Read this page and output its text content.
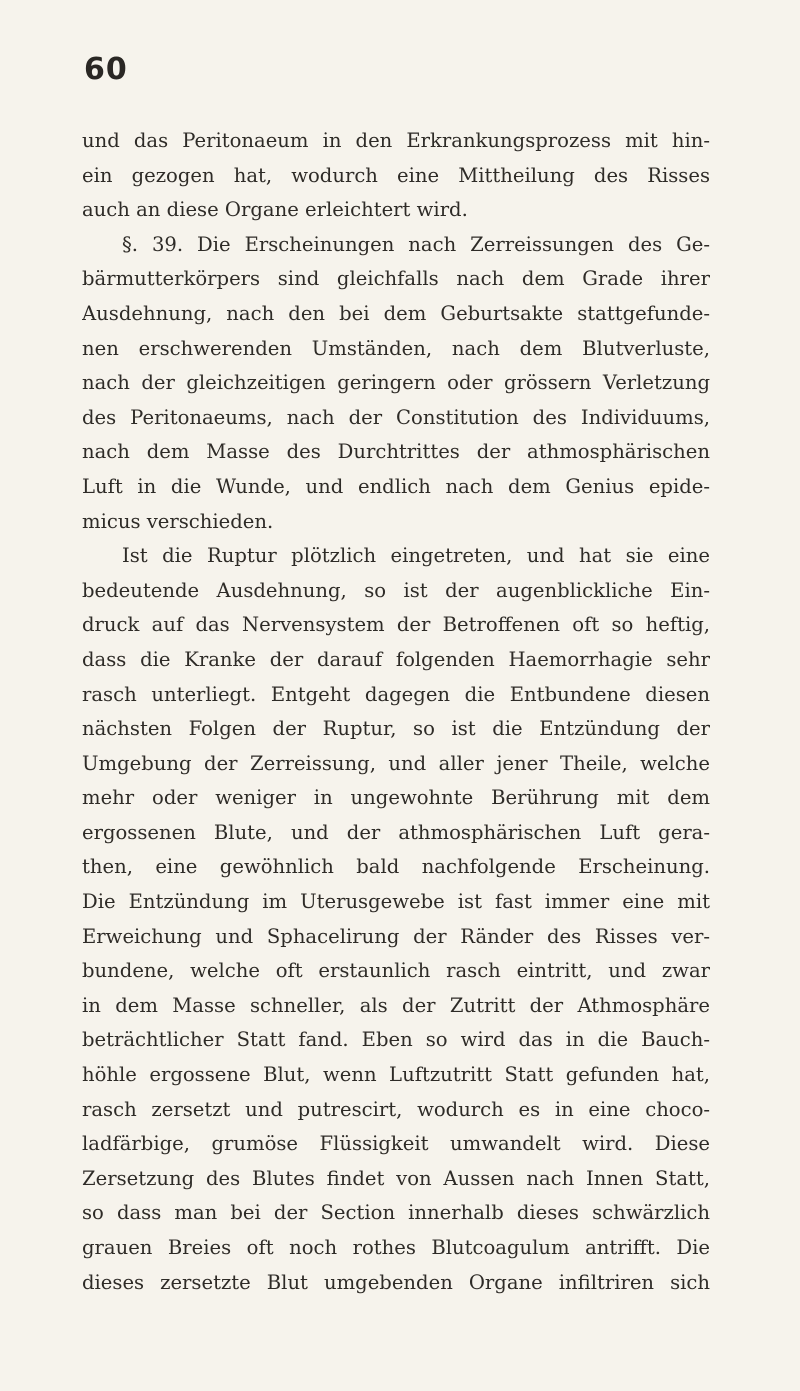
60
und das Peritonaeum in den Erkrankungsprozess mit hin-
ein gezogen hat, wodurch eine Mittheilung des Risses
auch an diese Organe erleichtert wird.
§. 39. Die Erscheinungen nach Zerreissungen des Ge-
bärmutterkörpers sind gleichfalls nach dem Grade ihrer
Ausdehnung, nach den bei dem Geburtsakte stattgefunde-
nen erschwerenden Umständen, nach dem Blutverluste,
nach der gleichzeitigen geringern oder grössern Verletzung
des Peritonaeums, nach der Constitution des Individuums,
nach dem Masse des Durchtrittes der athmosphärischen
Luft in die Wunde, und endlich nach dem Genius epide-
micus verschieden.
Ist die Ruptur plötzlich eingetreten, und hat sie eine
bedeutende Ausdehnung, so ist der augenblickliche Ein-
druck auf das Nervensystem der Betroffenen oft so heftig,
dass die Kranke der darauf folgenden Haemorrhagie sehr
rasch unterliegt. Entgeht dagegen die Entbundene diesen
nächsten Folgen der Ruptur, so ist die Entzündung der
Umgebung der Zerreissung, und aller jener Theile, welche
mehr oder weniger in ungewohnte Berührung mit dem
ergossenen Blute, und der athmosphärischen Luft gera-
then, eine gewöhnlich bald nachfolgende Erscheinung.
Die Entzündung im Uterusgewebe ist fast immer eine mit
Erweichung und Sphacelirung der Ränder des Risses ver-
bundene, welche oft erstaunlich rasch eintritt, und zwar
in dem Masse schneller, als der Zutritt der Athmosphäre
beträchtlicher Statt fand. Eben so wird das in die Bauch-
höhle ergossene Blut, wenn Luftzutritt Statt gefunden hat,
rasch zersetzt und putrescirt, wodurch es in eine choco-
ladfärbige, grumöse Flüssigkeit umwandelt wird. Diese
Zersetzung des Blutes findet von Aussen nach Innen Statt,
so dass man bei der Section innerhalb dieses schwärzlich
grauen Breies oft noch rothes Blutcoagulum antrifft. Die
dieses zersetzte Blut umgebenden Organe infiltriren sich
